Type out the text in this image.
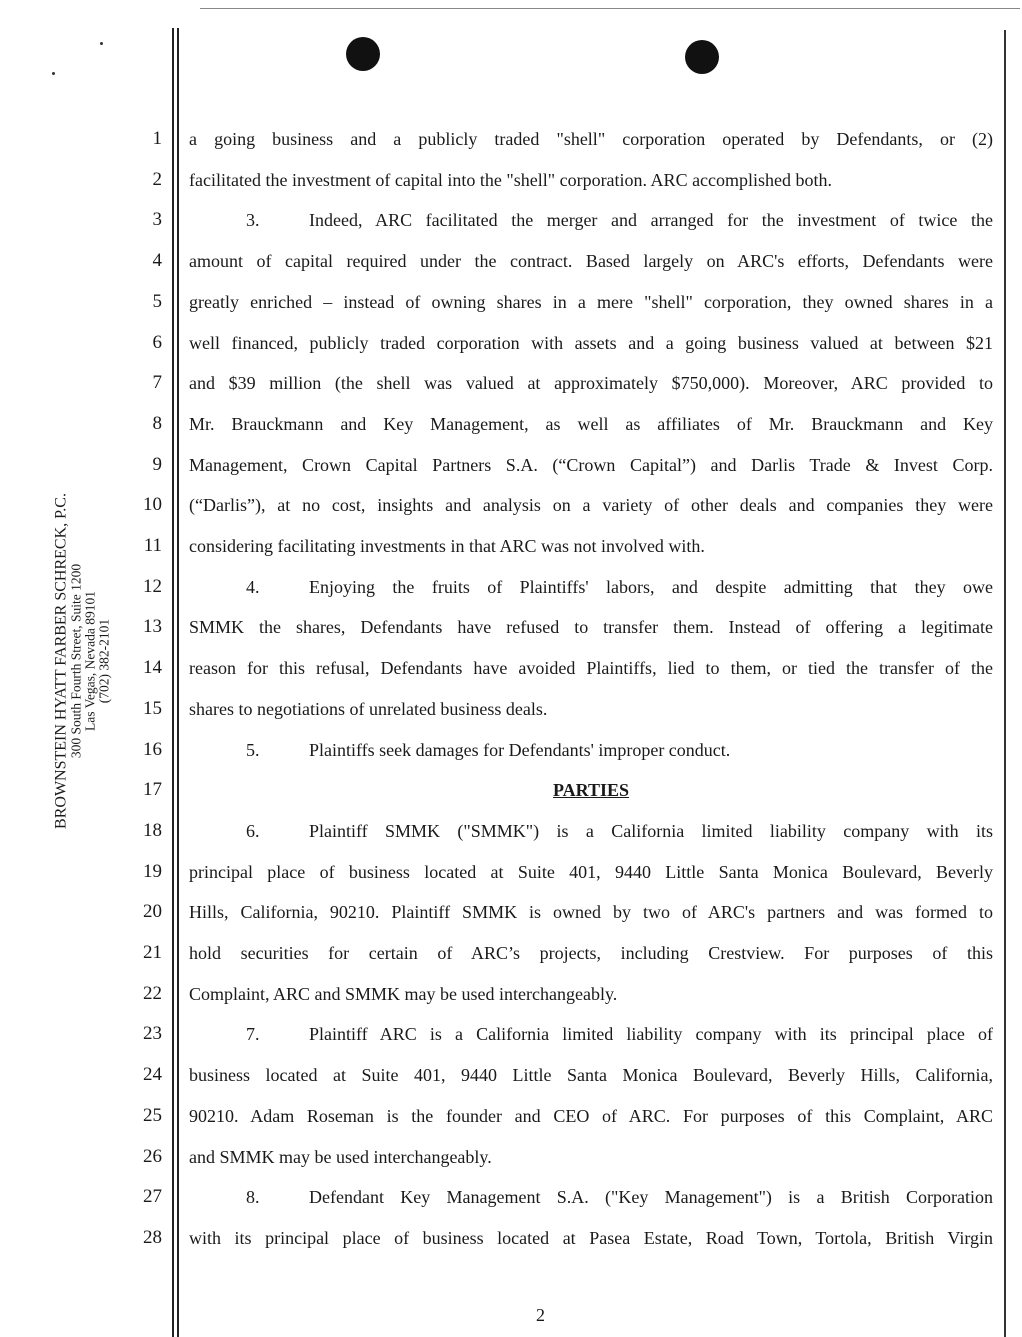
BROWNSTEIN HYATT FARBER SCHRECK, P.C. 300 South Fourth Street, Suite 1200 Las Vegas, Nevada 89101 (702) 382-2101
1
2
3
4
5
6
7
8
9
10
11
12
13
14
15
16
17
18
19
20
21
22
23
24
25
26
27
28
a going business and a publicly traded "shell" corporation operated by Defendants, or (2)
facilitated the investment of capital into the "shell" corporation. ARC accomplished both.
3.	Indeed, ARC facilitated the merger and arranged for the investment of twice the
amount of capital required under the contract. Based largely on ARC's efforts, Defendants were
greatly enriched – instead of owning shares in a mere "shell" corporation, they owned shares in a
well financed, publicly traded corporation with assets and a going business valued at between $21
and $39 million (the shell was valued at approximately $750,000). Moreover, ARC provided to
Mr. Brauckmann and Key Management, as well as affiliates of Mr. Brauckmann and Key
Management, Crown Capital Partners S.A. (“Crown Capital”) and Darlis Trade & Invest Corp.
(“Darlis”), at no cost, insights and analysis on a variety of other deals and companies they were
considering facilitating investments in that ARC was not involved with.
4.	Enjoying the fruits of Plaintiffs' labors, and despite admitting that they owe
SMMK the shares, Defendants have refused to transfer them. Instead of offering a legitimate
reason for this refusal, Defendants have avoided Plaintiffs, lied to them, or tied the transfer of the
shares to negotiations of unrelated business deals.
5.	Plaintiffs seek damages for Defendants' improper conduct.
PARTIES
6.	Plaintiff SMMK ("SMMK") is a California limited liability company with its
principal place of business located at Suite 401, 9440 Little Santa Monica Boulevard, Beverly
Hills, California, 90210. Plaintiff SMMK is owned by two of ARC's partners and was formed to
hold securities for certain of ARC’s projects, including Crestview. For purposes of this
Complaint, ARC and SMMK may be used interchangeably.
7.	Plaintiff ARC is a California limited liability company with its principal place of
business located at Suite 401, 9440 Little Santa Monica Boulevard, Beverly Hills, California,
90210. Adam Roseman is the founder and CEO of ARC. For purposes of this Complaint, ARC
and SMMK may be used interchangeably.
8.	Defendant Key Management S.A. ("Key Management") is a British Corporation
with its principal place of business located at Pasea Estate, Road Town, Tortola, British Virgin
2
